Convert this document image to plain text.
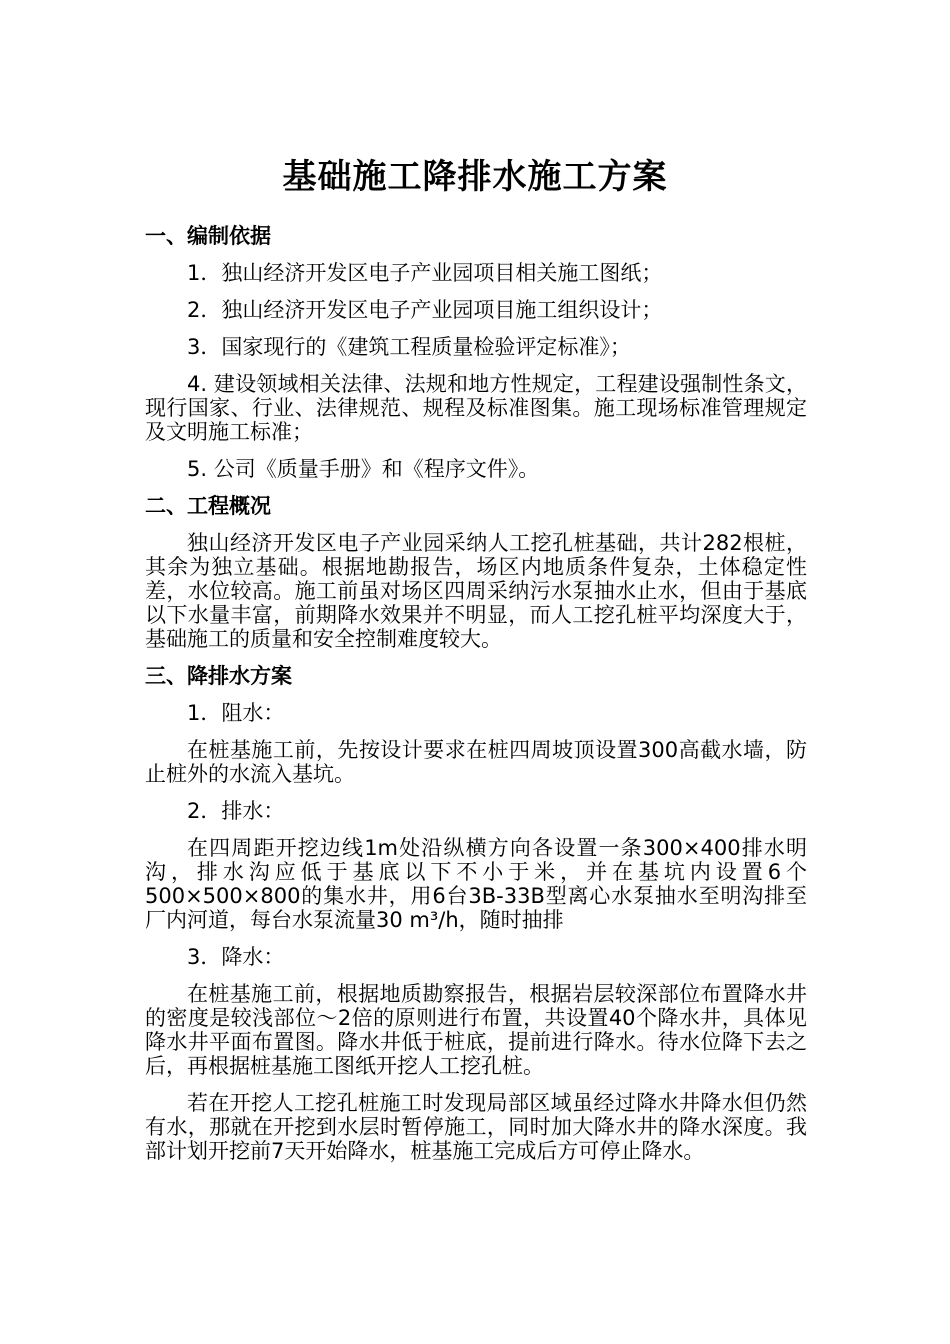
基础施工降排水施工方案
一、编制依据
1．独山经济开发区电子产业园项目相关施工图纸；
2．独山经济开发区电子产业园项目施工组织设计；
3．国家现行的《建筑工程质量检验评定标准》；
4. 建设领域相关法律、法规和地方性规定，工程建设强制性条文，现行国家、行业、法律规范、规程及标准图集。施工现场标准管理规定及文明施工标准；
5. 公司《质量手册》和《程序文件》。
二、工程概况
独山经济开发区电子产业园采纳人工挖孔桩基础，共计282根桩，其余为独立基础。根据地勘报告，场区内地质条件复杂，土体稳定性差，水位较高。施工前虽对场区四周采纳污水泵抽水止水，但由于基底以下水量丰富，前期降水效果并不明显，而人工挖孔桩平均深度大于，基础施工的质量和安全控制难度较大。
三、降排水方案
1．阻水：
在桩基施工前，先按设计要求在桩四周坡顶设置300高截水墙，防止桩外的水流入基坑。
2．排水：
在四周距开挖边线1m处沿纵横方向各设置一条300×400排水明沟，排水沟应低于基底以下不小于米，并在基坑内设置6个500×500×800的集水井，用6台3B-33B型离心水泵抽水至明沟排至厂内河道，每台水泵流量30 m³/h，随时抽排
3．降水：
在桩基施工前，根据地质勘察报告，根据岩层较深部位布置降水井的密度是较浅部位～2倍的原则进行布置，共设置40个降水井，具体见降水井平面布置图。降水井低于桩底，提前进行降水。待水位降下去之后，再根据桩基施工图纸开挖人工挖孔桩。
若在开挖人工挖孔桩施工时发现局部区域虽经过降水井降水但仍然有水，那就在开挖到水层时暂停施工，同时加大降水井的降水深度。我部计划开挖前7天开始降水，桩基施工完成后方可停止降水。
